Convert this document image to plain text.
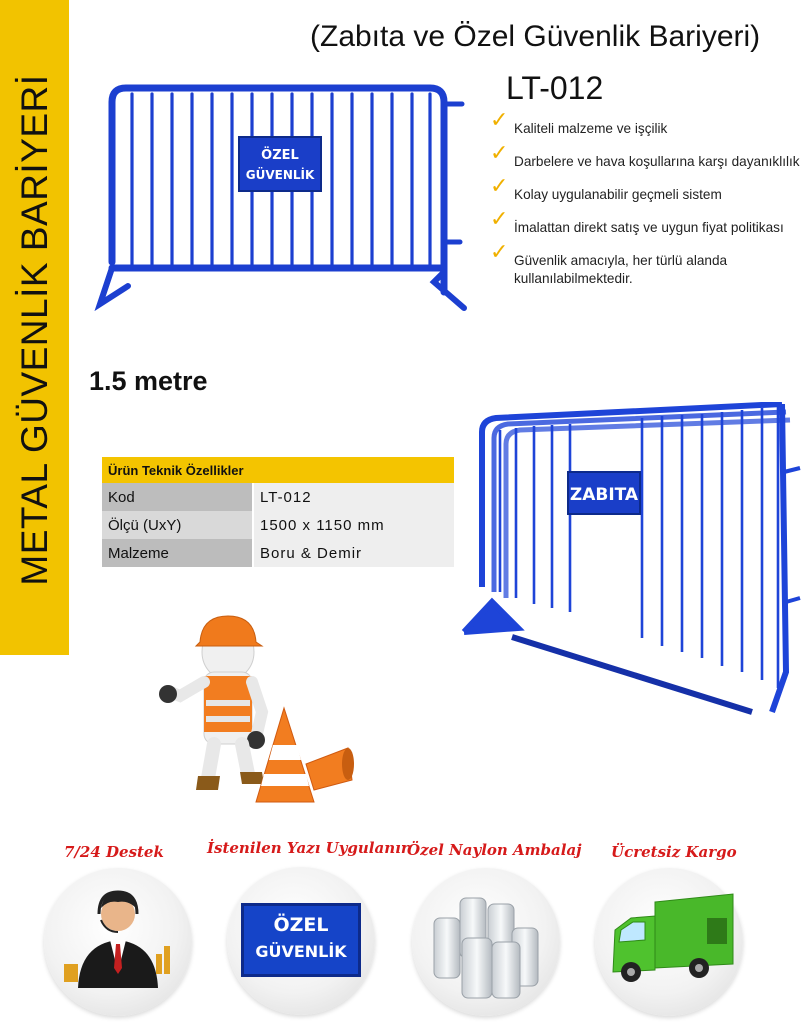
METAL GÜVENLİK BARİYERİ
(Zabıta ve Özel Güvenlik Bariyeri)
LT-012
ÖZEL
GÜVENLİK
✓ Kaliteli malzeme ve işçilik
✓ Darbelere ve hava koşullarına karşı dayanıklılık
✓ Kolay uygulanabilir geçmeli sistem
✓ İmalattan direkt satış ve uygun fiyat politikası
✓ Güvenlik amacıyla, her türlü alanda kullanılabilmektedir.
1.5 metre
Ürün Teknik Özellikler	
Kod	LT-012
Ölçü (UxY)	1500 x 1150 mm
Malzeme	Boru & Demir
ZABITA
7/24 Destek	İstenilen Yazı Uygulanır
Özel Naylon Ambalaj Ücretsiz Kargo
ÖZEL
GÜVENLİK
